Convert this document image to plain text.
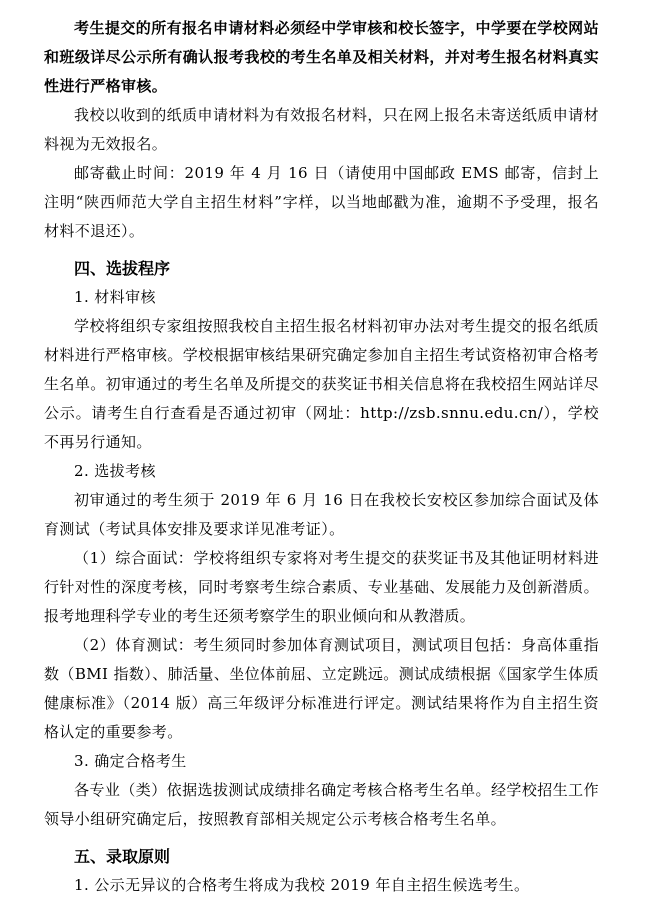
考生提交的所有报名申请材料必须经中学审核和校长签字，中学要在学校网站和班级详尽公示所有确认报考我校的考生名单及相关材料，并对考生报名材料真实性进行严格审核。

我校以收到的纸质申请材料为有效报名材料，只在网上报名未寄送纸质申请材料视为无效报名。

邮寄截止时间：2019 年 4 月 16 日（请使用中国邮政 EMS 邮寄，信封上注明“陕西师范大学自主招生材料”字样，以当地邮戳为准，逾期不予受理，报名材料不退还）。

四、选拔程序

1. 材料审核

学校将组织专家组按照我校自主招生报名材料初审办法对考生提交的报名纸质材料进行严格审核。学校根据审核结果研究确定参加自主招生考试资格初审合格考生名单。初审通过的考生名单及所提交的获奖证书相关信息将在我校招生网站详尽公示。请考生自行查看是否通过初审（网址：http://zsb.snnu.edu.cn/），学校不再另行通知。

2. 选拔考核

初审通过的考生须于 2019 年 6 月 16 日在我校长安校区参加综合面试及体育测试（考试具体安排及要求详见准考证）。

（1）综合面试：学校将组织专家将对考生提交的获奖证书及其他证明材料进行针对性的深度考核，同时考察考生综合素质、专业基础、发展能力及创新潜质。报考地理科学专业的考生还须考察学生的职业倾向和从教潜质。

（2）体育测试：考生须同时参加体育测试项目，测试项目包括：身高体重指数（BMI 指数）、肺活量、坐位体前屈、立定跳远。测试成绩根据《国家学生体质健康标准》（2014 版）高三年级评分标准进行评定。测试结果将作为自主招生资格认定的重要参考。

3. 确定合格考生

各专业（类）依据选拔测试成绩排名确定考核合格考生名单。经学校招生工作领导小组研究确定后，按照教育部相关规定公示考核合格考生名单。

五、录取原则

1. 公示无异议的合格考生将成为我校 2019 年自主招生候选考生。
